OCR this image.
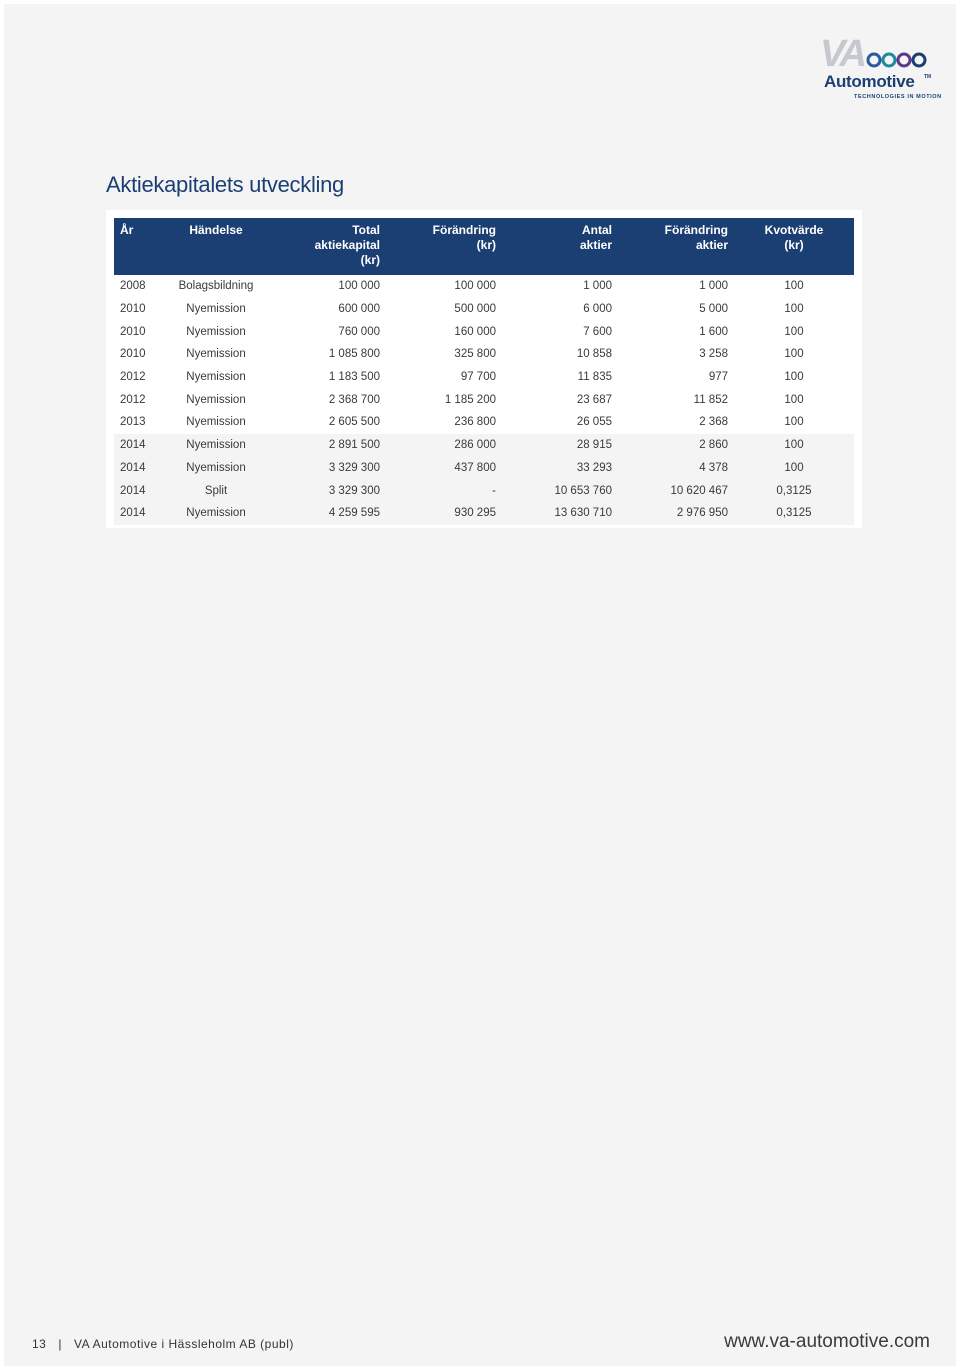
VA
Automotive TM
TECHNOLOGIES IN MOTION
Aktiekapitalets utveckling
År	Händelse	Total
aktiekapital
(kr)	Förändring
(kr)	Antal
aktier	Förändring
aktier	Kvotvärde
(kr)
2008	Bolagsbildning	100 000	100 000	1 000	1 000	100
2010	Nyemission	600 000	500 000	6 000	5 000	100
2010	Nyemission	760 000	160 000	7 600	1 600	100
2010	Nyemission	1 085 800	325 800	10 858	3 258	100
2012	Nyemission	1 183 500	97 700	11 835	977	100
2012	Nyemission	2 368 700	1 185 200	23 687	11 852	100
2013	Nyemission	2 605 500	236 800	26 055	2 368	100
2014	Nyemission	2 891 500	286 000	28 915	2 860	100
2014	Nyemission	3 329 300	437 800	33 293	4 378	100
2014	Split	3 329 300	-	10 653 760	10 620 467	0,3125
2014	Nyemission	4 259 595	930 295	13 630 710	2 976 950	0,3125
13 | VA Automotive i Hässleholm AB (publ)	www.va-automotive.com
